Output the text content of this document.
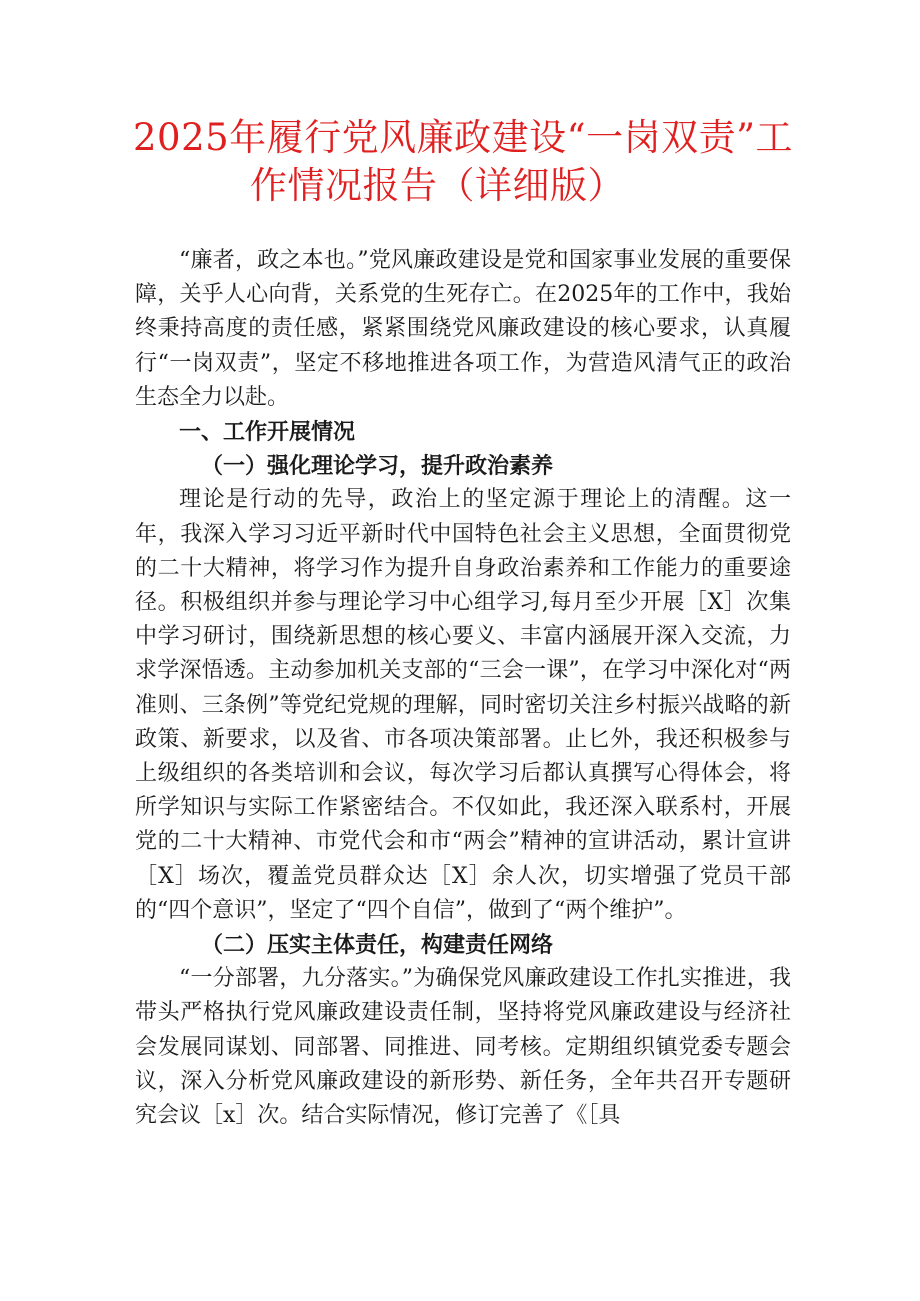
2025年履行党风廉政建设“一岗双责”工
作情况报告（详细版）

“廉者，政之本也。”党风廉政建设是党和国家事业发展的重要保障，关乎人心向背，关系党的生死存亡。在2025年的工作中，我始终秉持高度的责任感，紧紧围绕党风廉政建设的核心要求，认真履行“一岗双责”，坚定不移地推进各项工作，为营造风清气正的政治生态全力以赴。

一、工作开展情况

（一）强化理论学习，提升政治素养

理论是行动的先导，政治上的坚定源于理论上的清醒。这一年，我深入学习习近平新时代中国特色社会主义思想，全面贯彻党的二十大精神，将学习作为提升自身政治素养和工作能力的重要途径。积极组织并参与理论学习中心组学习,每月至少开展［X］次集中学习研讨，围绕新思想的核心要义、丰富内涵展开深入交流，力求学深悟透。主动参加机关支部的“三会一课”，在学习中深化对“两准则、三条例”等党纪党规的理解，同时密切关注乡村振兴战略的新政策、新要求，以及省、市各项决策部署。止匕外，我还积极参与上级组织的各类培训和会议，每次学习后都认真撰写心得体会，将所学知识与实际工作紧密结合。不仅如此，我还深入联系村，开展党的二十大精神、市党代会和市“两会”精神的宣讲活动，累计宣讲［X］场次，覆盖党员群众达［X］余人次，切实增强了党员干部的“四个意识”，坚定了“四个自信”，做到了“两个维护”。

（二）压实主体责任，构建责任网络

“一分部署，九分落实。”为确保党风廉政建设工作扎实推进，我带头严格执行党风廉政建设责任制，坚持将党风廉政建设与经济社会发展同谋划、同部署、同推进、同考核。定期组织镇党委专题会议，深入分析党风廉政建设的新形势、新任务，全年共召开专题研究会议［x］次。结合实际情况，修订完善了《［具
